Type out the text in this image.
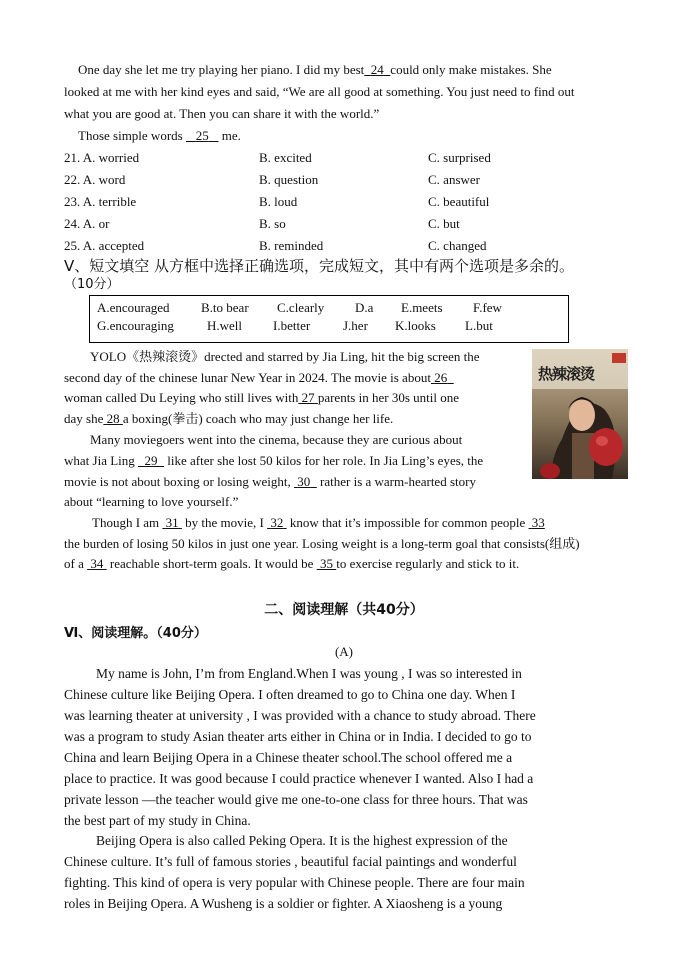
One day she let me try playing her piano. I did my best 24 could only make mistakes. She
looked at me with her kind eyes and said, “We are all good at something. You just need to find out
what you are good at. Then you can share it with the world.”
Those simple words 25 me.
21. A. worried	B. excited	C. surprised
22. A. word	B. question	C. answer
23. A. terrible	B. loud	C. beautiful
24. A. or	B. so	C. but
25. A. accepted	B. reminded	C. changed
Ⅴ、短文填空 从方框中选择正确选项，完成短文，其中有两个选项是多余的。
（10分）
A.encouraged B.to bear C.clearly D.a E.meets F.few
G.encouraging	H.well I.better	J.her K.looks L.but
YOLO《热辣滚烫》drected and starred by Jia Ling, hit the big screen the
second day of the chinese lunar New Year in 2024. The movie is about 26
woman called Du Leying who still lives with 27 parents in her 30s until one
day she 28 a boxing(拳击) coach who may just change her life.
Many moviegoers went into the cinema, because they are curious about
what Jia Ling 29 like after she lost 50 kilos for her role. In Jia Ling’s eyes, the
movie is not about boxing or losing weight, 30 rather is a warm-hearted story
about “learning to love yourself.”
Though I am 31 by the movie, I 32 know that it’s impossible for common people 33
the burden of losing 50 kilos in just one year. Losing weight is a long-term goal that consists(组成)
of a 34 reachable short-term goals. It would be 35 to exercise regularly and stick to it.
热辣滚烫
二、阅读理解（共40分）
Ⅵ、阅读理解。（40分）
(A)
My name is John, I’m from England.When I was young , I was so interested in
Chinese culture like Beijing Opera. I often dreamed to go to China one day. When I
was learning theater at university , I was provided with a chance to study abroad. There
was a program to study Asian theater arts either in China or in India. I decided to go to
China and learn Beijing Opera in a Chinese theater school.The school offered me a
place to practice. It was good because I could practice whenever I wanted. Also I had a
private lesson —the teacher would give me one-to-one class for three hours. That was
the best part of my study in China.
Beijing Opera is also called Peking Opera. It is the highest expression of the
Chinese culture. It’s full of famous stories , beautiful facial paintings and wonderful
fighting. This kind of opera is very popular with Chinese people. There are four main
roles in Beijing Opera. A Wusheng is a soldier or fighter. A Xiaosheng is a young
